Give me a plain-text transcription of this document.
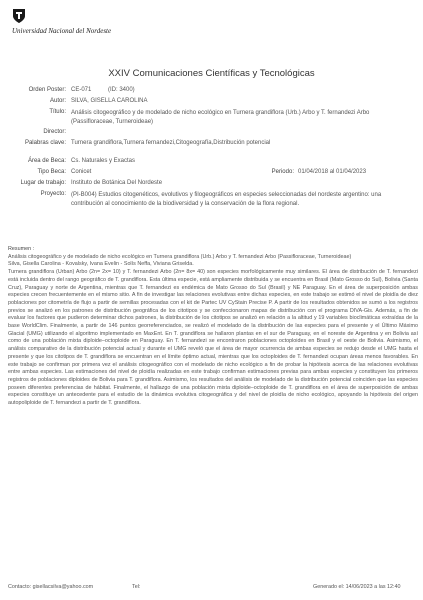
Universidad Nacional del Nordeste
XXIV Comunicaciones Científicas y Tecnológicas
Orden Poster: CE-071	(ID: 3400)
Autor: SILVA, GISELLA CAROLINA
Título: Análisis citogeográfico y de modelado de nicho ecológico en Turnera grandiflora (Urb.) Arbo y T. fernandezi Arbo (Passifloraceae, Turneroideae)
Director:
Palabras clave: Turnera grandiflora,Turnera fernandezi,Citogeografía,Distribución potencial
Área de Beca: Cs. Naturales y Exactas
Tipo Beca: Conicet	Periodo: 01/04/2018 al 01/04/2023
Lugar de trabajo: Instituto de Botánica Del Nordeste
Proyecto: (PI-B004) Estudios citogenéticos, evolutivos y filogeográficos en especies seleccionadas del nordeste argentino: una contribución al conocimiento de la biodiversidad y la conservación de la flora regional.

Resumen :

Análisis citogeográfico y de modelado de nicho ecológico en Turnera grandiflora (Urb.) Arbo y T. fernandezi Arbo (Passifloraceae, Turneroideae)

Silva, Gisella Carolina - Kovalsky, Ivana Evelin - Solís Neffa, Viviana Griselda.

Turnera grandiflora (Urban) Arbo (2n= 2x= 10) y T. fernandezi Arbo (2n= 8x= 40) son especies morfológicamente muy similares. El área de distribución de T. fernandezi está incluida dentro del rango geográfico de T. grandiflora. Esta última especie, está ampliamente distribuida y se encuentra en Brasil (Mato Grosso do Sul), Bolivia (Santa Cruz), Paraguay y norte de Argentina, mientras que T. fernandezi es endémica de Mato Grosso do Sul (Brasil) y NE Paraguay. En el área de superposición ambas especies crecen frecuentemente en el mismo sitio. A fin de investigar las relaciones evolutivas entre dichas especies, en este trabajo se estimó el nivel de ploidía de diez poblaciones por citometría de flujo a partir de semillas procesadas con el kit de Partec UV CyStain Precise P. A partir de los resultados obtenidos se sumó a los registros previos se analizó en los patrones de distribución geográfica de los citotipos y se confeccionaron mapas de distribución con el programa DIVA-Gis. Además, a fin de evaluar los factores que pudieron determinar dichos patrones, la distribución de los citotipos se analizó en relación a la altitud y 19 variables bioclimáticas extraídas de la base WorldClim. Finalmente, a partir de 146 puntos georreferenciados, se realizó el modelado de la distribución de las especies para el presente y el Último Máximo Glacial (UMG) utilizando el algoritmo implementado en MaxEnt. En T. grandiflora se hallaron plantas en el sur de Paraguay, en el noreste de Argentina y en Bolivia así como de una población mixta diploide–octoploide en Paraguay. En T. fernandezi se encontraron poblaciones octoploides en Brasil y el oeste de Bolivia. Asimismo, el análisis comparativo de la distribución potencial actual y durante el UMG reveló que el área de mayor ocurrencia de ambas especies se redujo desde el UMG hasta el presente y que los citotipos de T. grandiflora se encuentran en el límite óptimo actual, mientras que los octoploides de T. fernandezi ocupan áreas menos favorables. En este trabajo se confirman por primera vez el análisis citogeográfico con el modelado de nicho ecológico a fin de probar la hipótesis acerca de las relaciones evolutivas entre ambas especies. Las estimaciones del nivel de ploidía realizadas en este trabajo confirman estimaciones previas para ambas especies y constituyen los primeros registros de poblaciones diploides de Bolivia para T. grandiflora. Asimismo, los resultados del análisis de modelado de la distribución potencial coinciden que las especies poseen diferentes preferencias de hábitat. Finalmente, el hallazgo de una población mixta diploide–octoploide de T. grandiflora en el área de superposición de ambas especies constituye un antecedente para el estudio de la dinámica evolutiva citogeográfica y del nivel de ploidía de nicho ecológico, apoyando la hipótesis del origen autopoliploide de T. fernandezi a partir de T. grandiflora.

Contacto: gisellacsilva@yahoo.com	Tel:	Generado el: 14/06/2023 a las 12:40
